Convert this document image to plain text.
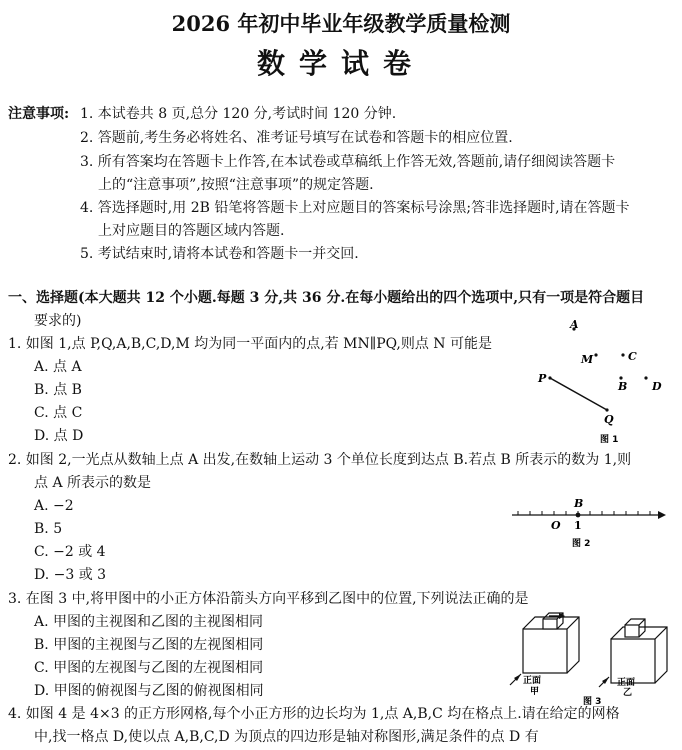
2026 年初中毕业年级教学质量检测
数学试卷
注意事项: 1. 本试卷共 8 页,总分 120 分,考试时间 120 分钟.
2. 答题前,考生务必将姓名、准考证号填写在试卷和答题卡的相应位置.
3. 所有答案均在答题卡上作答,在本试卷或草稿纸上作答无效,答题前,请仔细阅读答题卡
上的“注意事项”,按照“注意事项”的规定答题.
4. 答选择题时,用 2B 铅笔将答题卡上对应题目的答案标号涂黑;答非选择题时,请在答题卡
上对应题目的答题区域内答题.
5. 考试结束时,请将本试卷和答题卡一并交回.
一、选择题(本大题共 12 个小题.每题 3 分,共 36 分.在每小题给出的四个选项中,只有一项是符合题目
要求的)
1. 如图 1,点 P,Q,A,B,C,D,M 均为同一平面内的点,若 MN∥PQ,则点 N 可能是
A. 点 A
B. 点 B
C. 点 C
D. 点 D
A
M	C
P
B D
Q
图 1
2. 如图 2,一光点从数轴上点 A 出发,在数轴上运动 3 个单位长度到达点 B.若点 B 所表示的数为 1,则
点 A 所表示的数是
A. −2
B. 5
C. −2 或 4
D. −3 或 3
B
O 1
图 2
3. 在图 3 中,将甲图中的小正方体沿箭头方向平移到乙图中的位置,下列说法正确的是
A. 甲图的主视图和乙图的主视图相同
B. 甲图的主视图与乙图的左视图相同
C. 甲图的左视图与乙图的左视图相同
D. 甲图的俯视图与乙图的俯视图相同
正面
甲
正面
乙
图 3
4. 如图 4 是 4×3 的正方形网格,每个小正方形的边长均为 1,点 A,B,C 均在格点上.请在给定的网格
中,找一格点 D,使以点 A,B,C,D 为顶点的四边形是轴对称图形,满足条件的点 D 有
